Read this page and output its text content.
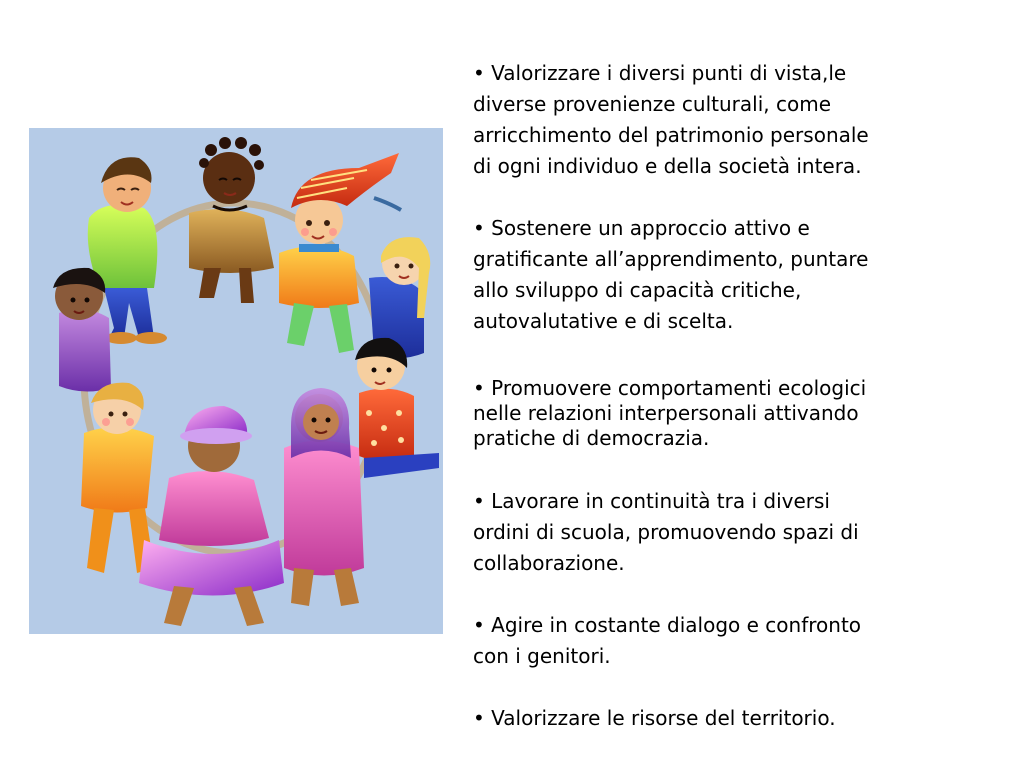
• Valorizzare i diversi punti di vista,le
diverse provenienze culturali, come
arricchimento del patrimonio personale
di ogni individuo e della società intera.

• Sostenere un approccio attivo e
gratificante all’apprendimento, puntare
allo sviluppo di capacità critiche,
autovalutative e di scelta.

• Promuovere comportamenti ecologici
nelle relazioni interpersonali attivando
pratiche di democrazia.

• Lavorare in continuità tra i diversi
ordini di scuola, promuovendo spazi di
collaborazione.

• Agire in costante dialogo e confronto
con i genitori.

• Valorizzare le risorse del territorio.
